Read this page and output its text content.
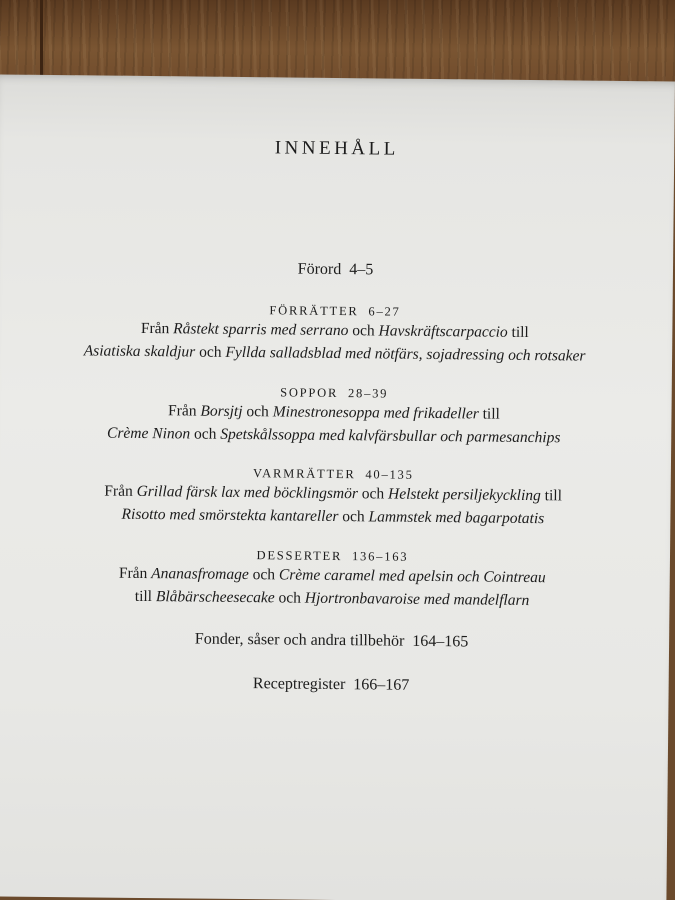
INNEHÅLL
Förord 4–5
FÖRRÄTTER 6–27
Från Råstekt sparris med serrano och Havskräftscarpaccio till
Asiatiska skaldjur och Fyllda salladsblad med nötfärs, sojadressing och rotsaker
SOPPOR 28–39
Från Borsjtj och Minestronesoppa med frikadeller till
Crème Ninon och Spetskålssoppa med kalvfärsbullar och parmesanchips
VARMRÄTTER 40–135
Från Grillad färsk lax med böcklingsmör och Helstekt persiljekyckling till
Risotto med smörstekta kantareller och Lammstek med bagarpotatis
DESSERTER 136–163
Från Ananasfromage och Crème caramel med apelsin och Cointreau
till Blåbärscheesecake och Hjortronbavaroise med mandelflarn
Fonder, såser och andra tillbehör 164–165
Receptregister 166–167
